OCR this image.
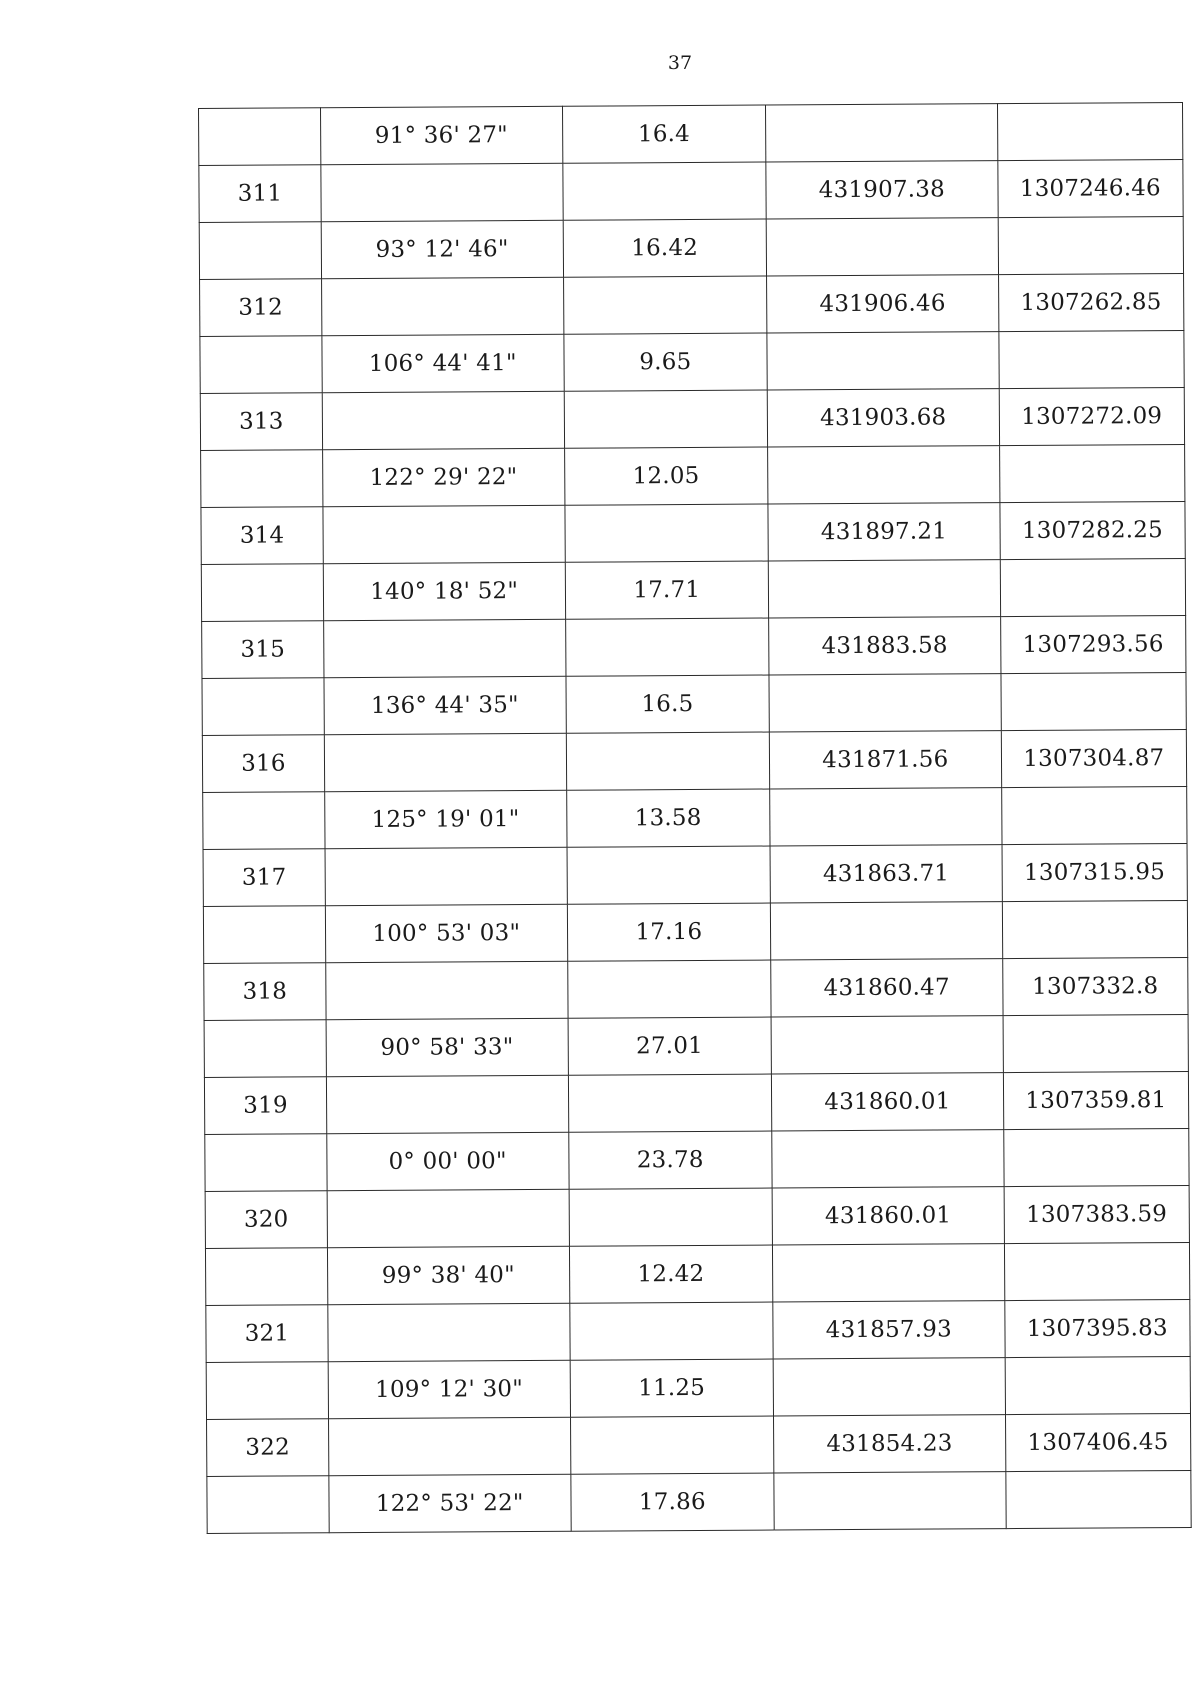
37
	91° 36' 27"	16.4		
311			431907.38	1307246.46
	93° 12' 46"	16.42		
312			431906.46	1307262.85
	106° 44' 41"	9.65		
313			431903.68	1307272.09
	122° 29' 22"	12.05		
314			431897.21	1307282.25
	140° 18' 52"	17.71		
315			431883.58	1307293.56
	136° 44' 35"	16.5		
316			431871.56	1307304.87
	125° 19' 01"	13.58		
317			431863.71	1307315.95
	100° 53' 03"	17.16		
318			431860.47	1307332.8
	90° 58' 33"	27.01		
319			431860.01	1307359.81
	0° 00' 00"	23.78		
320			431860.01	1307383.59
	99° 38' 40"	12.42		
321			431857.93	1307395.83
	109° 12' 30"	11.25		
322			431854.23	1307406.45
	122° 53' 22"	17.86		
